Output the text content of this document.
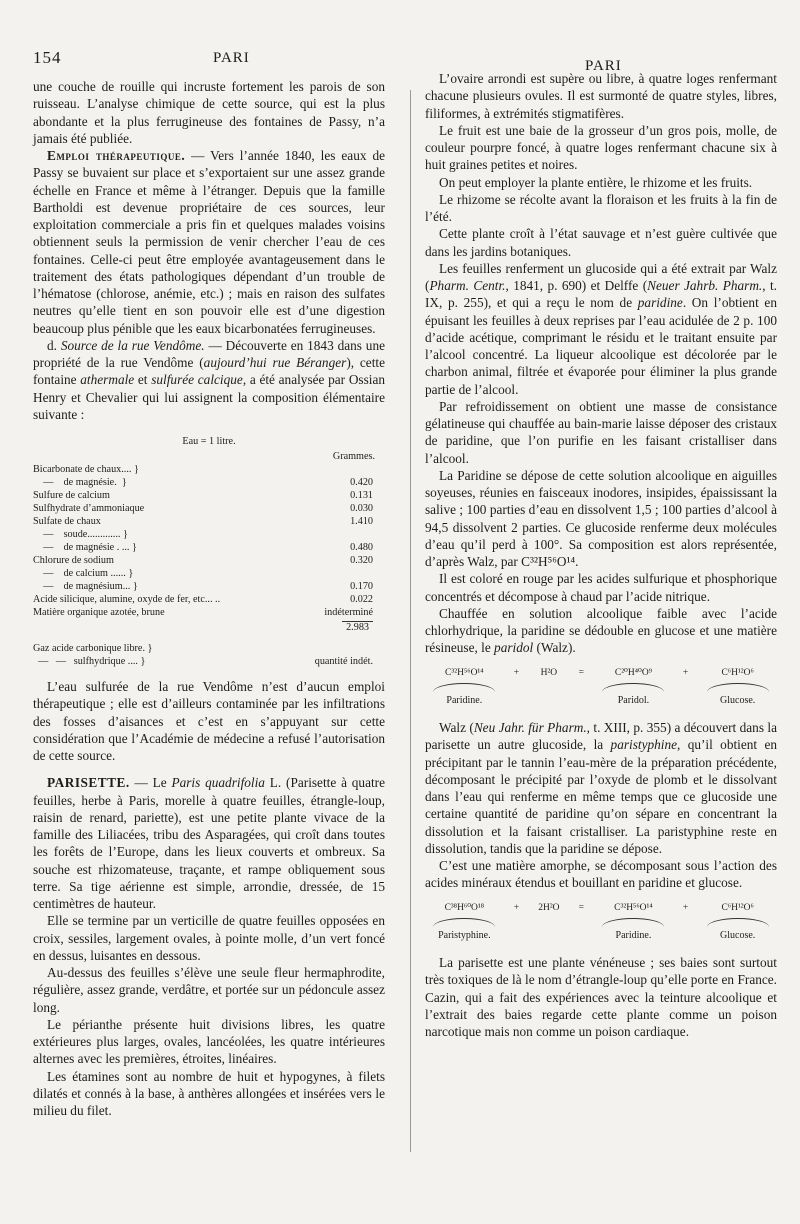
154	PARI	PARI

une couche de rouille qui incruste fortement les parois de son ruisseau. L’analyse chimique de cette source, qui est la plus abondante et la plus ferrugineuse des fontaines de Passy, n’a jamais été publiée.

Emploi thérapeutique. — Vers l’année 1840, les eaux de Passy se buvaient sur place et s’exportaient sur une assez grande échelle en France et même à l’étranger. Depuis que la famille Bartholdi est devenue propriétaire de ces sources, leur exploitation commerciale a pris fin et quelques malades voisins obtiennent seuls la permission de venir chercher l’eau de ces fontaines. Celle-ci peut être employée avantageusement dans le traitement des états pathologiques dépendant d’un trouble de l’hématose (chlorose, anémie, etc.) ; mais en raison des sulfates neutres qu’elle tient en son pouvoir elle est d’une digestion beaucoup plus pénible que les eaux bicarbonatées ferrugineuses.

d. Source de la rue Vendôme. — Découverte en 1843 dans une propriété de la rue Vendôme (aujourd’hui rue Béranger), cette fontaine athermale et sulfurée calcique, a été analysée par Ossian Henry et Chevalier qui lui assignent la composition élémentaire suivante :

Eau = 1 litre.
Grammes.
Bicarbonate de chaux.... }
—    de magnésie.  }	0.420
Sulfure de calcium	0.131
Sulfhydrate d’ammoniaque	0.030
Sulfate de chaux	1.410
—    soude............. }
—    de magnésie . ... }	0.480
Chlorure de sodium	0.320
—    de calcium ...... }
—    de magnésium... }	0.170
Acide silicique, alumine, oxyde de fer, etc... ..	0.022
Matière organique azotée, brune	indéterminé
2.983
Gaz acide carbonique libre. }
—   —   sulfhydrique .... }	quantité indét.

L’eau sulfurée de la rue Vendôme n’est d’aucun emploi thérapeutique ; elle est d’ailleurs contaminée par les infiltrations des fosses d’aisances et c’est en s’appuyant sur cette considération que l’Académie de médecine a refusé l’autorisation de cette source.

PARISETTE. — Le Paris quadrifolia L. (Parisette à quatre feuilles, herbe à Paris, morelle à quatre feuilles, étrangle-loup, raisin de renard, pariette), est une petite plante vivace de la famille des Liliacées, tribu des Asparagées, qui croît dans toutes les forêts de l’Europe, dans les lieux couverts et ombreux. Sa souche est rhizomateuse, traçante, et rampe obliquement sous terre. Sa tige aérienne est simple, arrondie, dressée, de 15 centimètres de hauteur.

Elle se termine par un verticille de quatre feuilles opposées en croix, sessiles, largement ovales, à pointe molle, d’un vert foncé en dessus, luisantes en dessous.

Au-dessus des feuilles s’élève une seule fleur hermaphrodite, régulière, assez grande, verdâtre, et portée sur un pédoncule assez long.

Le périanthe présente huit divisions libres, les quatre extérieures plus larges, ovales, lancéolées, les quatre intérieures alternes avec les premières, étroites, linéaires.

Les étamines sont au nombre de huit et hypogynes, à filets dilatés et connés à la base, à anthères allongées et insérées vers le milieu du filet.

L’ovaire arrondi est supère ou libre, à quatre loges renfermant chacune plusieurs ovules. Il est surmonté de quatre styles, libres, filiformes, à extrémités stigmatifères.

Le fruit est une baie de la grosseur d’un gros pois, molle, de couleur pourpre foncé, à quatre loges renfermant chacune six à huit graines petites et noires.

On peut employer la plante entière, le rhizome et les fruits.

Le rhizome se récolte avant la floraison et les fruits à la fin de l’été.

Cette plante croît à l’état sauvage et n’est guère cultivée que dans les jardins botaniques.

Les feuilles renferment un glucoside qui a été extrait par Walz (Pharm. Centr., 1841, p. 690) et Delffe (Neuer Jahrb. Pharm., t. IX, p. 255), et qui a reçu le nom de paridine. On l’obtient en épuisant les feuilles à deux reprises par l’eau acidulée de 2 p. 100 d’acide acétique, comprimant le résidu et le traitant ensuite par l’alcool concentré. La liqueur alcoolique est décolorée par le charbon animal, filtrée et évaporée pour éliminer la plus grande partie de l’alcool.

Par refroidissement on obtient une masse de consistance gélatineuse qui chauffée au bain-marie laisse déposer des cristaux de paridine, que l’on purifie en les faisant cristalliser dans l’alcool.

La Paridine se dépose de cette solution alcoolique en aiguilles soyeuses, réunies en faisceaux inodores, insipides, épaississant la salive ; 100 parties d’eau en dissolvent 1,5 ; 100 parties d’alcool à 94,5 dissolvent 2 parties. Ce glucoside renferme deux molécules d’eau qu’il perd à 100°. Sa composition est alors représentée, d’après Walz, par C³²H⁵⁶O¹⁴.

Il est coloré en rouge par les acides sulfurique et phosphorique concentrés et décompose à chaud par l’acide nitrique.

Chauffée en solution alcoolique faible avec l’acide chlorhydrique, la paridine se dédouble en glucose et une matière résineuse, le paridol (Walz).

C³²H⁵⁶O¹⁴
Paridine.
+	H²O	=	C²⁰H⁴⁰O⁹
Paridol.
+	C⁶H¹²O⁶
Glucose.

Walz (Neu Jahr. für Pharm., t. XIII, p. 355) a découvert dans la parisette un autre glucoside, la paristyphine, qu’il obtient en précipitant par le tannin l’eau-mère de la préparation précédente, décomposant le précipité par l’oxyde de plomb et le dissolvant dans l’eau qui renferme en même temps que ce glucoside une certaine quantité de paridine qu’on sépare en concentrant la dissolution et la faisant cristalliser. La paristyphine reste en dissolution, tandis que la paridine se dépose.

C’est une matière amorphe, se décomposant sous l’action des acides minéraux étendus et bouillant en paridine et glucose.

C³⁸H⁶⁰O¹⁸
Paristyphine.
+	2H²O	=	C³²H⁵⁶O¹⁴
Paridine.
+	C⁶H¹²O⁶
Glucose.

La parisette est une plante vénéneuse ; ses baies sont surtout très toxiques de là le nom d’étrangle-loup qu’elle porte en France. Cazin, qui a fait des expériences avec la teinture alcoolique et l’extrait des baies regarde cette plante comme un poison narcotique mais non comme un poison cardiaque.
